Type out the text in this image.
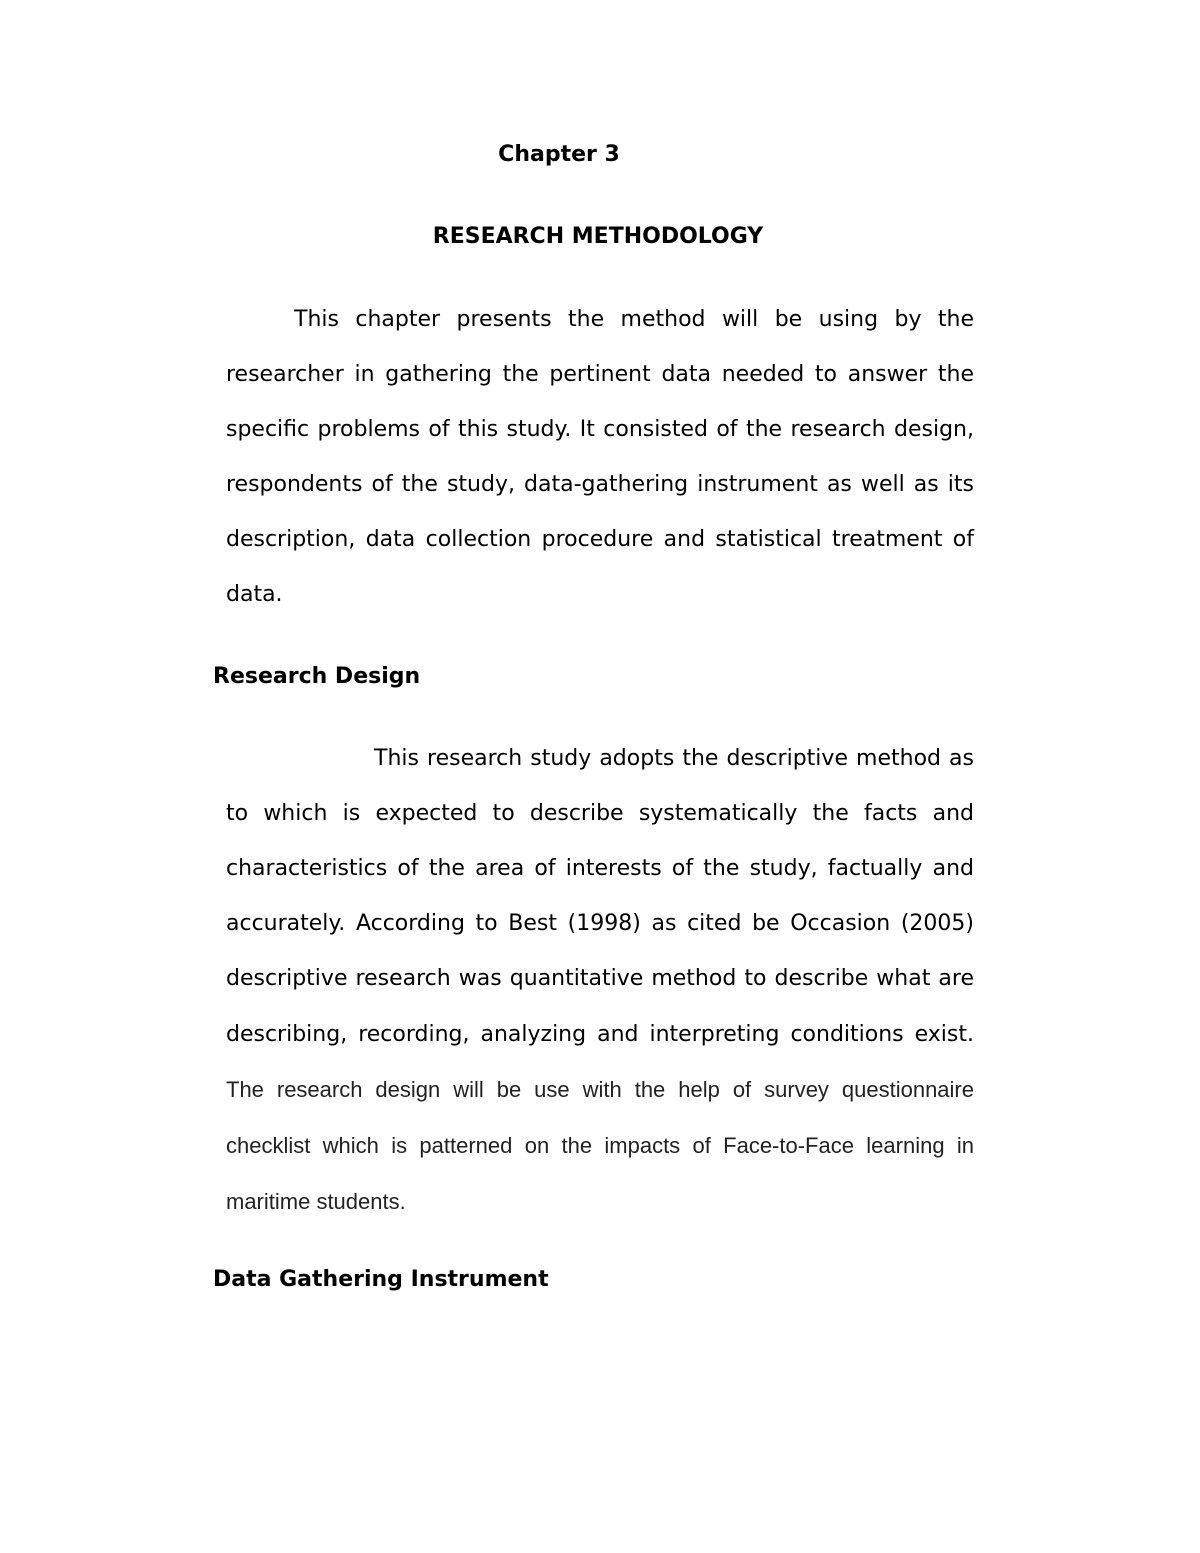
Chapter 3
RESEARCH METHODOLOGY

This chapter presents the method will be using by the researcher in gathering the pertinent data needed to answer the specific problems of this study. It consisted of the research design, respondents of the study, data-gathering instrument as well as its description, data collection procedure and statistical treatment of data.

Research Design

This research study adopts the descriptive method as to which is expected to describe systematically the facts and characteristics of the area of interests of the study, factually and accurately. According to Best (1998) as cited be Occasion (2005) descriptive research was quantitative method to describe what are describing, recording, analyzing and interpreting conditions exist. The research design will be use with the help of survey questionnaire checklist which is patterned on the impacts of Face-to-Face learning in maritime students.

Data Gathering Instrument
